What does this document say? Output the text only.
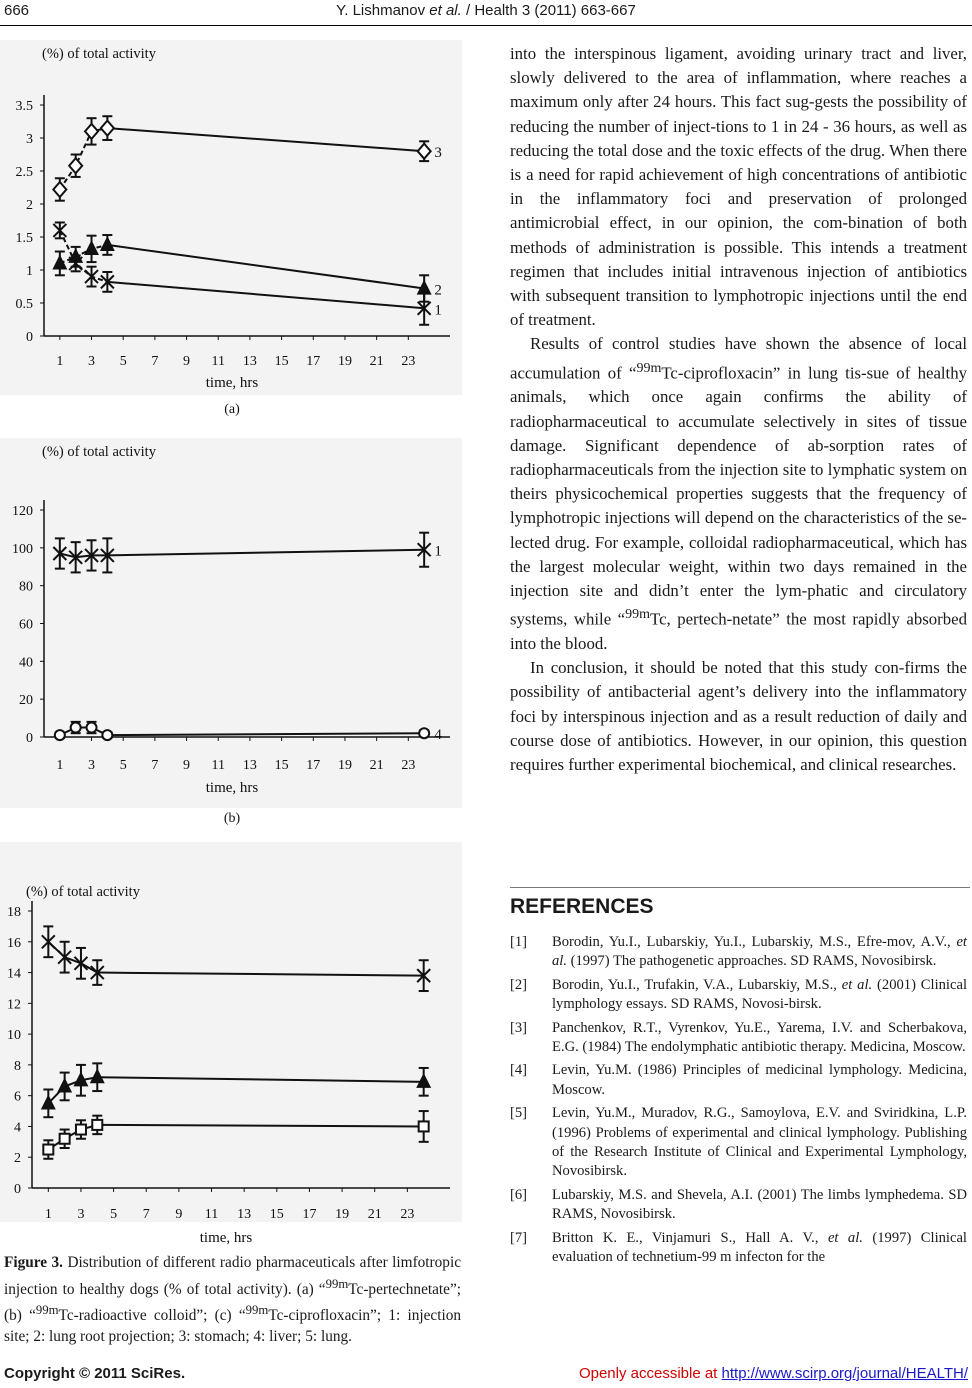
666	Y. Lishmanov et al. / Health 3 (2011) 663-667
0
0.5
1
1.5
2
2.5
3
3.5
1 3 5 7 9 11 13 15 17 19 21 23
(%) of total activity
time, hrs
(a)
3
2
1
0
20
40
60
80
100
120
1 3 5 7 9 11 13 15 17 19 21 23
(%) of total activity
time, hrs
(b)
1
4
0
2
4
6
8
10
12
14
16
18
1 3 5 7 9 11 13 15 17 19 21 23
(%) of total activity
time, hrs
Figure 3. Distribution of different radio pharmaceuticals after limfotropic injection to healthy dogs (% of total activity). (a) “$^{99m}$Tc-pertechnetate”; (b) “$^{99m}$Tc-radioactive colloid”; (c) “$^{99m}$Tc-ciprofloxacin”; 1: injection site; 2: lung root projection; 3: stomach; 4: liver; 5: lung.

into the interspinous ligament, avoiding urinary tract and liver, slowly delivered to the area of inflammation, where reaches a maximum only after 24 hours. This fact sug-gests the possibility of reducing the number of inject-tions to 1 in 24 - 36 hours, as well as reducing the total dose and the toxic effects of the drug. When there is a need for rapid achievement of high concentrations of antibiotic in the inflammatory foci and preservation of prolonged antimicrobial effect, in our opinion, the com-bination of both methods of administration is possible. This intends a treatment regimen that includes initial intravenous injection of antibiotics with subsequent transition to lymphotropic injections until the end of treatment.

Results of control studies have shown the absence of local accumulation of “$^{99m}$Tc-ciprofloxacin” in lung tis-sue of healthy animals, which once again confirms the ability of radiopharmaceutical to accumulate selectively in sites of tissue damage. Significant dependence of ab-sorption rates of radiopharmaceuticals from the injection site to lymphatic system on theirs physicochemical properties suggests that the frequency of lymphotropic injections will depend on the characteristics of the se-lected drug. For example, colloidal radiopharmaceutical, which has the largest molecular weight, within two days remained in the injection site and didn’t enter the lym-phatic and circulatory systems, while “$^{99m}$Tc, pertech-netate” the most rapidly absorbed into the blood.

In conclusion, it should be noted that this study con-firms the possibility of antibacterial agent’s delivery into the inflammatory foci by interspinous injection and as a result reduction of daily and course dose of antibiotics. However, in our opinion, this question requires further experimental biochemical, and clinical researches.

REFERENCES
[1]	Borodin, Yu.I., Lubarskiy, Yu.I., Lubarskiy, M.S., Efre-mov, A.V., et al. (1997) The pathogenetic approaches. SD RAMS, Novosibirsk.
[2]	Borodin, Yu.I., Trufakin, V.A., Lubarskiy, M.S., et al. (2001) Clinical lymphology essays. SD RAMS, Novosi-birsk.
[3]	Panchenkov, R.T., Vyrenkov, Yu.E., Yarema, I.V. and Scherbakova, E.G. (1984) The endolymphatic antibiotic therapy. Medicina, Moscow.
[4]	Levin, Yu.M. (1986) Principles of medicinal lymphology. Medicina, Moscow.
[5]	Levin, Yu.M., Muradov, R.G., Samoylova, E.V. and Sviridkina, L.P. (1996) Problems of experimental and clinical lymphology. Publishing of the Research Institute of Clinical and Experimental Lymphology, Novosibirsk.
[6]	Lubarskiy, M.S. and Shevela, A.I. (2001) The limbs lymphedema. SD RAMS, Novosibirsk.
[7]	Britton K. E., Vinjamuri S., Hall A. V., et al. (1997) Clinical evaluation of technetium-99 m infecton for the
Copyright © 2011 SciRes.	Openly accessible at http://www.scirp.org/journal/HEALTH/
